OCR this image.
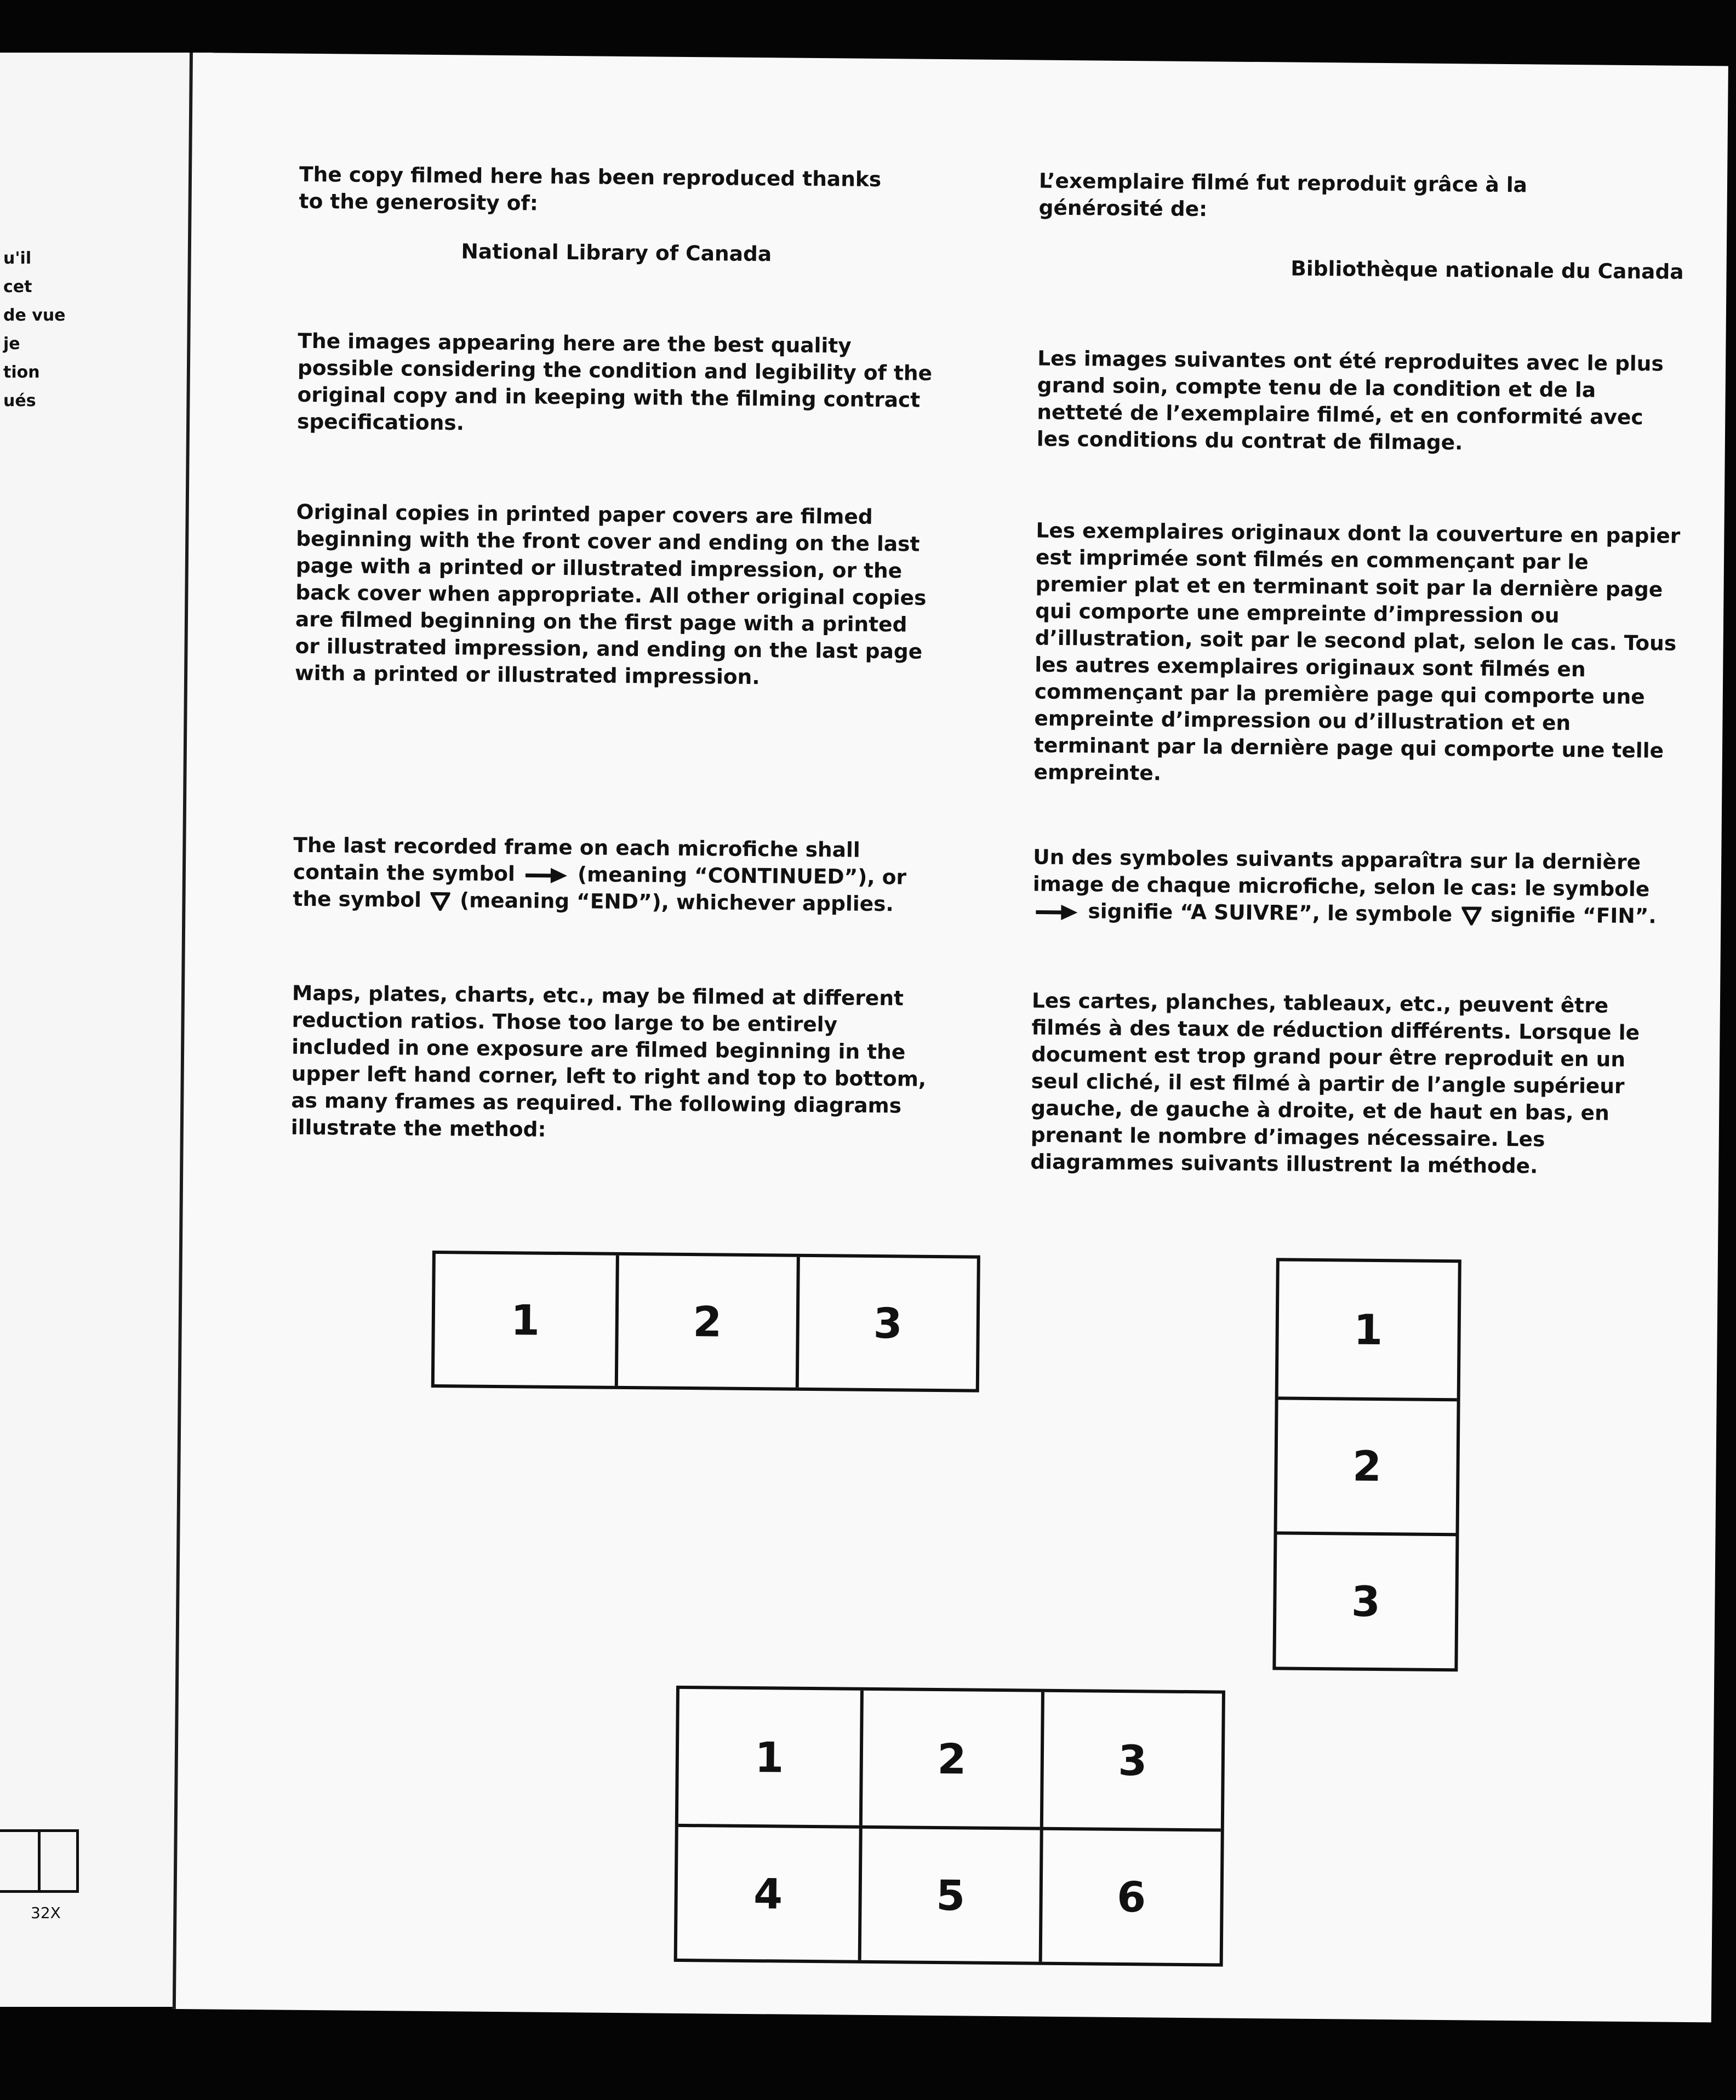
u'il
cet
de vue
je
tion
ués
32X

The copy filmed here has been reproduced thanks
to the generosity of:

National Library of Canada

The images appearing here are the best quality possible considering the condition and legibility of the original copy and in keeping with the filming contract specifications.

Original copies in printed paper covers are filmed beginning with the front cover and ending on the last page with a printed or illustrated impression, or the back cover when appropriate. All other original copies are filmed beginning on the first page with a printed or illustrated impression, and ending on the last page with a printed or illustrated impression.

The last recorded frame on each microfiche shall contain the symbol	(meaning “CONTINUED”), or the symbol (meaning “END”), whichever applies.

Maps, plates, charts, etc., may be filmed at different reduction ratios. Those too large to be entirely included in one exposure are filmed beginning in the upper left hand corner, left to right and top to bottom, as many frames as required. The following diagrams illustrate the method:

L’exemplaire filmé fut reproduit grâce à la
générosité de:

Bibliothèque nationale du Canada

Les images suivantes ont été reproduites avec le plus grand soin, compte tenu de la condition et de la netteté de l’exemplaire filmé, et en conformité avec les conditions du contrat de filmage.

Les exemplaires originaux dont la couverture en papier est imprimée sont filmés en commençant par le premier plat et en terminant soit par la dernière page qui comporte une empreinte d’impression ou d’illustration, soit par le second plat, selon le cas. Tous les autres exemplaires originaux sont filmés en commençant par la première page qui comporte une empreinte d’impression ou d’illustration et en terminant par la dernière page qui comporte une telle empreinte.

Un des symboles suivants apparaîtra sur la dernière image de chaque microfiche, selon le cas: le symbole  signifie “A SUIVRE”, le symbole signifie “FIN”.

Les cartes, planches, tableaux, etc., peuvent être filmés à des taux de réduction différents. Lorsque le document est trop grand pour être reproduit en un seul cliché, il est filmé à partir de l’angle supérieur gauche, de gauche à droite, et de haut en bas, en prenant le nombre d’images nécessaire. Les diagrammes suivants illustrent la méthode.

1	2	3	1
2
3
1	2	3
4	5	6
